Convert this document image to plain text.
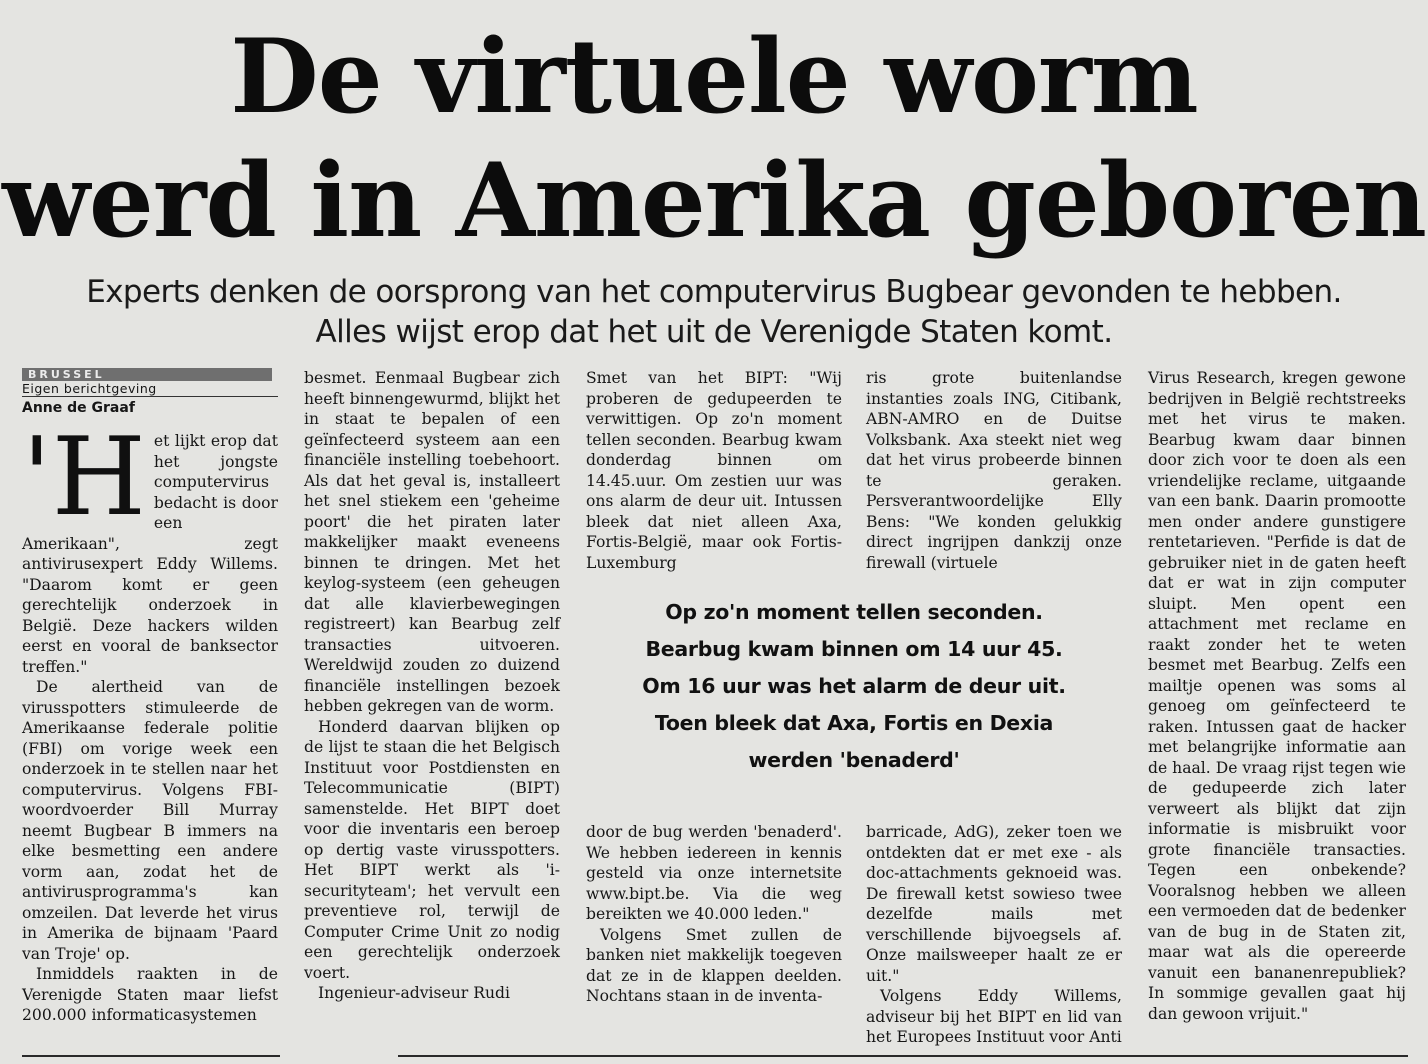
De virtuele worm
werd in Amerika geboren

Experts denken de oorsprong van het computervirus Bugbear gevonden te hebben.

Alles wijst erop dat het uit de Verenigde Staten komt.

BRUSSEL
Eigen berichtgeving
Anne de Graaf

'Het lijkt erop dat het jongste computervirus bedacht is door een Amerikaan", zegt antivirusexpert Eddy Willems. "Daarom komt er geen gerechtelijk onderzoek in België. Deze hackers wilden eerst en vooral de banksector treffen."

De alertheid van de virusspotters stimuleerde de Amerikaanse federale politie (FBI) om vorige week een onderzoek in te stellen naar het computervirus. Volgens FBI-woordvoerder Bill Murray neemt Bugbear B immers na elke besmetting een andere vorm aan, zodat het de antivirusprogramma's kan omzeilen. Dat leverde het virus in Amerika de bijnaam 'Paard van Troje' op.

Inmiddels raakten in de Verenigde Staten maar liefst 200.000 informaticasystemen

besmet. Eenmaal Bugbear zich heeft binnengewurmd, blijkt het in staat te bepalen of een geïnfecteerd systeem aan een financiële instelling toebehoort. Als dat het geval is, installeert het snel stiekem een 'geheime poort' die het piraten later makkelijker maakt eveneens binnen te dringen. Met het keylog-systeem (een geheugen dat alle klavierbewegingen registreert) kan Bearbug zelf transacties uitvoeren. Wereldwijd zouden zo duizend financiële instellingen bezoek hebben gekregen van de worm.

Honderd daarvan blijken op de lijst te staan die het Belgisch Instituut voor Postdiensten en Telecommunicatie (BIPT) samenstelde. Het BIPT doet voor die inventaris een beroep op dertig vaste virusspotters. Het BIPT werkt als 'i-securityteam'; het vervult een preventieve rol, terwijl de Computer Crime Unit zo nodig een gerechtelijk onderzoek voert.

Ingenieur-adviseur Rudi

Smet van het BIPT: "Wij proberen de gedupeerden te verwittigen. Op zo'n moment tellen seconden. Bearbug kwam donderdag binnen om 14.45.uur. Om zestien uur was ons alarm de deur uit. Intussen bleek dat niet alleen Axa, Fortis-België, maar ook Fortis-Luxemburg

ris grote buitenlandse instanties zoals ING, Citibank, ABN-AMRO en de Duitse Volksbank. Axa steekt niet weg dat het virus probeerde binnen te geraken. Persverantwoordelijke Elly Bens: "We konden gelukkig direct ingrijpen dankzij onze firewall (virtuele

Op zo'n moment tellen seconden.
Bearbug kwam binnen om 14 uur 45.
Om 16 uur was het alarm de deur uit.
Toen bleek dat Axa, Fortis en Dexia
werden 'benaderd'

door de bug werden 'benaderd'. We hebben iedereen in kennis gesteld via onze internetsite www.bipt.be. Via die weg bereikten we 40.000 leden."

Volgens Smet zullen de banken niet makkelijk toegeven dat ze in de klappen deelden. Nochtans staan in de inventa-

barricade, AdG), zeker toen we ontdekten dat er met exe - als doc-attachments geknoeid was. De firewall ketst sowieso twee dezelfde mails met verschillende bijvoegsels af. Onze mailsweeper haalt ze er uit."

Volgens Eddy Willems, adviseur bij het BIPT en lid van het Europees Instituut voor Anti

Virus Research, kregen gewone bedrijven in België rechtstreeks met het virus te maken. Bearbug kwam daar binnen door zich voor te doen als een vriendelijke reclame, uitgaande van een bank. Daarin promootte men onder andere gunstigere rentetarieven. "Perfide is dat de gebruiker niet in de gaten heeft dat er wat in zijn computer sluipt. Men opent een attachment met reclame en raakt zonder het te weten besmet met Bearbug. Zelfs een mailtje openen was soms al genoeg om geïnfecteerd te raken. Intussen gaat de hacker met belangrijke informatie aan de haal. De vraag rijst tegen wie de gedupeerde zich later verweert als blijkt dat zijn informatie is misbruikt voor grote financiële transacties. Tegen een onbekende? Vooralsnog hebben we alleen een vermoeden dat de bedenker van de bug in de Staten zit, maar wat als die opereerde vanuit een bananenrepubliek? In sommige gevallen gaat hij dan gewoon vrijuit."
